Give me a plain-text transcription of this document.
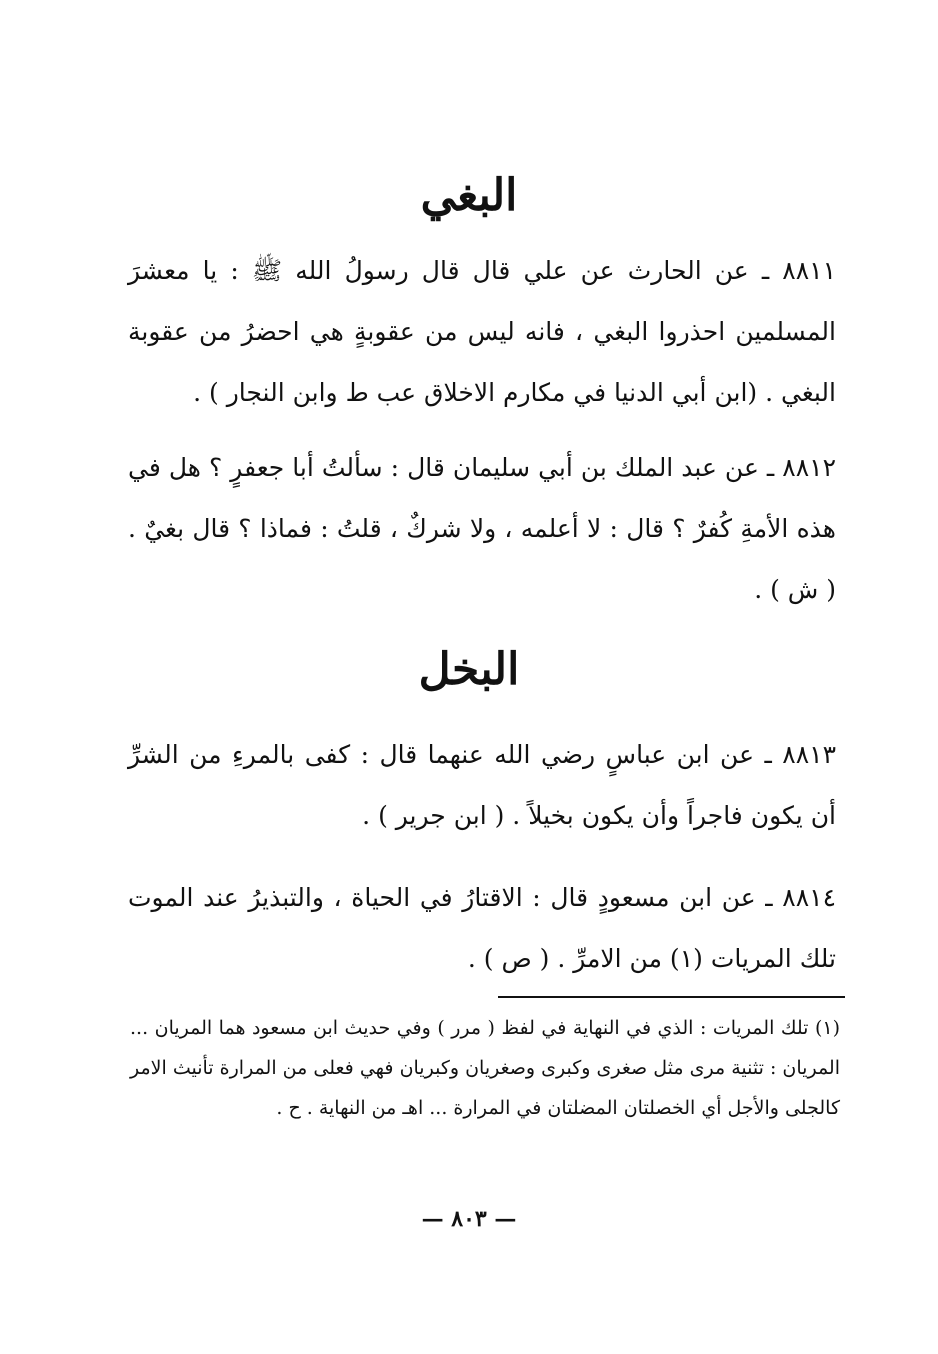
البغي
٨٨١١ ـ عن الحارث عن علي قال قال رسولُ الله ﷺ : يا معشرَ المسلمين احذروا البغي ، فانه ليس من عقوبةٍ هي احضرُ من عقوبة البغي . (ابن أبي الدنيا في مكارم الاخلاق عب ط وابن النجار ) .
٨٨١٢ ـ عن عبد الملك بن أبي سليمان قال : سألتُ أبا جعفرٍ ؟ هل في هذه الأمةِ كُفرٌ ؟ قال : لا أعلمه ، ولا شركٌ ، قلتُ : فماذا ؟ قال بغيٌ . ( ش ) .
البخل
٨٨١٣ ـ عن ابن عباسٍ رضي الله عنهما قال : كفى بالمرءِ من الشرِّ أن يكون فاجراً وأن يكون بخيلاً . ( ابن جرير ) .
٨٨١٤ ـ عن ابن مسعودٍ قال : الاقتارُ في الحياة ، والتبذيرُ عند الموت تلك المريات (١) من الامرِّ . ( ص ) .
(١) تلك المريات : الذي في النهاية في لفظ ( مرر ) وفي حديث ابن مسعود هما المريان ... المريان : تثنية مرى مثل صغرى وكبرى وصغريان وكبريان فهي فعلى من المرارة تأنيث الامر كالجلى والأجل أي الخصلتان المضلتان في المرارة ... اهـ من النهاية . ح .
— ٨٠٣ —
